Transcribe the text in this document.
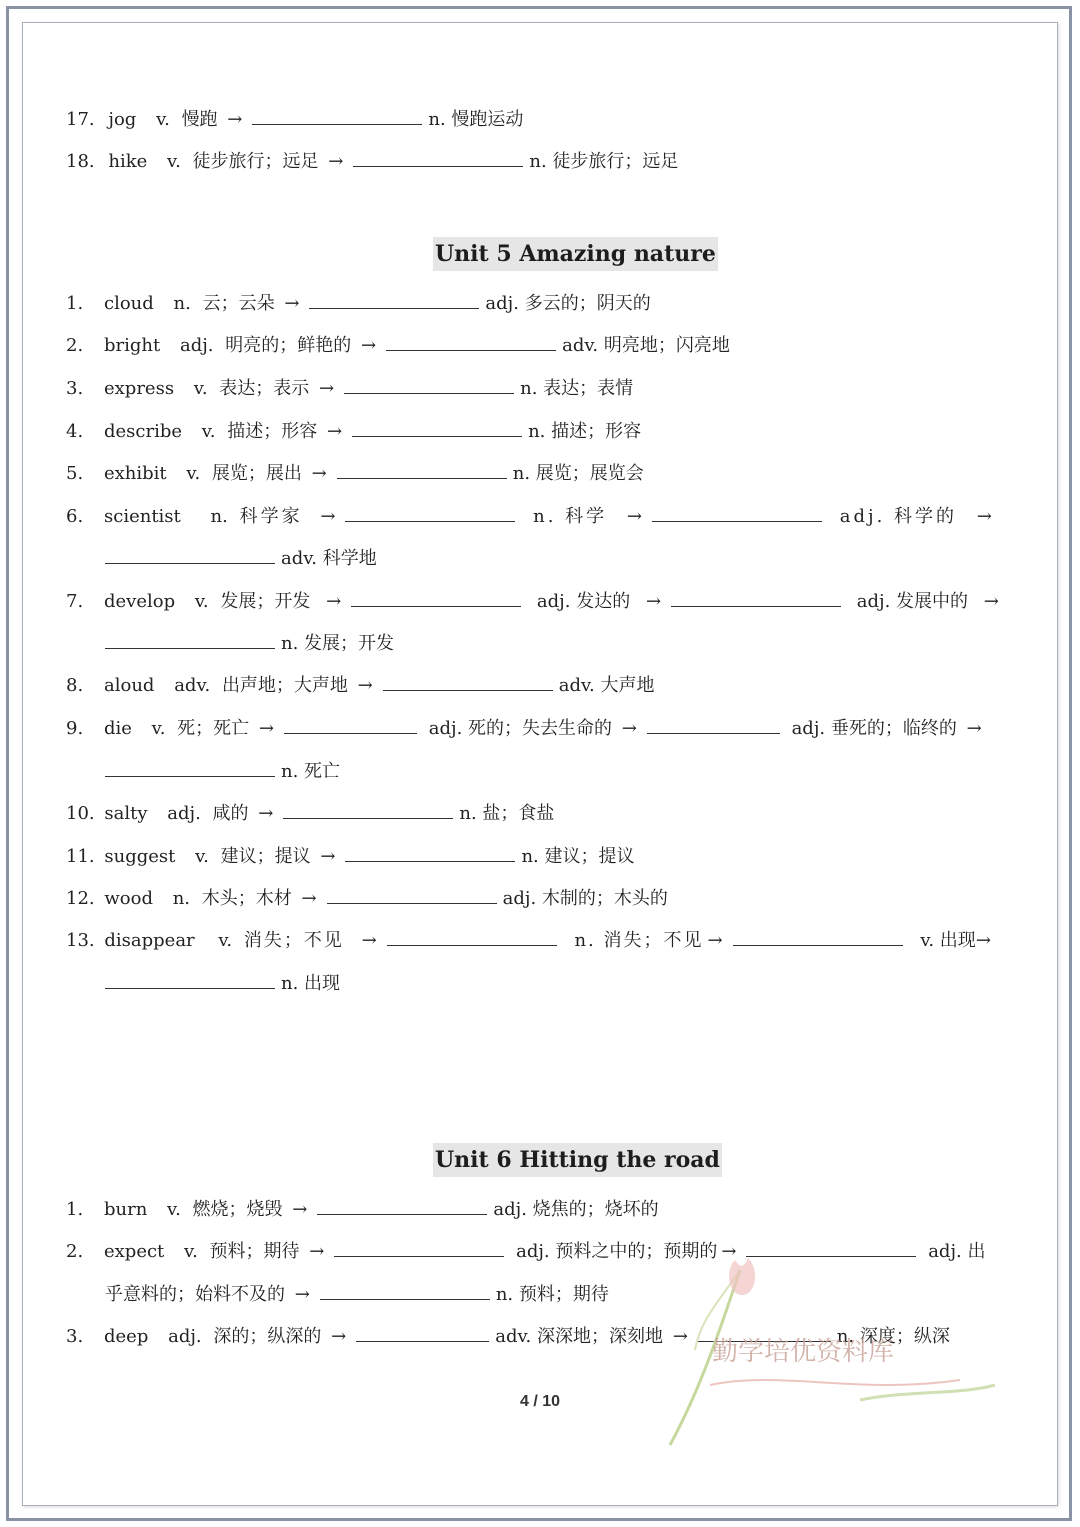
17. jog v. 慢跑 →	n. 慢跑运动
18. hike v. 徒步旅行；远足 →	n. 徒步旅行；远足
Unit 5 Amazing nature
1. cloud n. 云；云朵 →	adj. 多云的；阴天的
2. bright adj. 明亮的；鲜艳的 →	adv. 明亮地；闪亮地
3. express v. 表达；表示 →	n. 表达；表情
4. describe v. 描述；形容 →	n. 描述；形容
5. exhibit v. 展览；展出 →	n. 展览；展览会
6. scientist n. 科学家 →	n. 科学 →	adj. 科学的 →
adv. 科学地
7. develop v. 发展；开发 →	adj. 发达的 →	adj. 发展中的 →
n. 发展；开发
8. aloud adv. 出声地；大声地 →	adv. 大声地
9. die v. 死；死亡 →	adj. 死的；失去生命的 →	adj. 垂死的；临终的 →
n. 死亡
10. salty adj. 咸的 →	n. 盐；食盐
11. suggest v. 建议；提议 →	n. 建议；提议
12. wood n. 木头；木材 →	adj. 木制的；木头的
13. disappear v. 消失；不见 →	n. 消失；不见 →	v. 出现→
n. 出现
Unit 6 Hitting the road
1. burn v. 燃烧；烧毁 →	adj. 烧焦的；烧坏的
2. expect v. 预料；期待 →	adj. 预料之中的；预期的 →	adj. 出
乎意料的；始料不及的 →	n. 预料；期待
3. deep adj. 深的；纵深的 →	adv. 深深地；深刻地 →	n. 深度；纵深
勤学培优资料库
4 / 10
